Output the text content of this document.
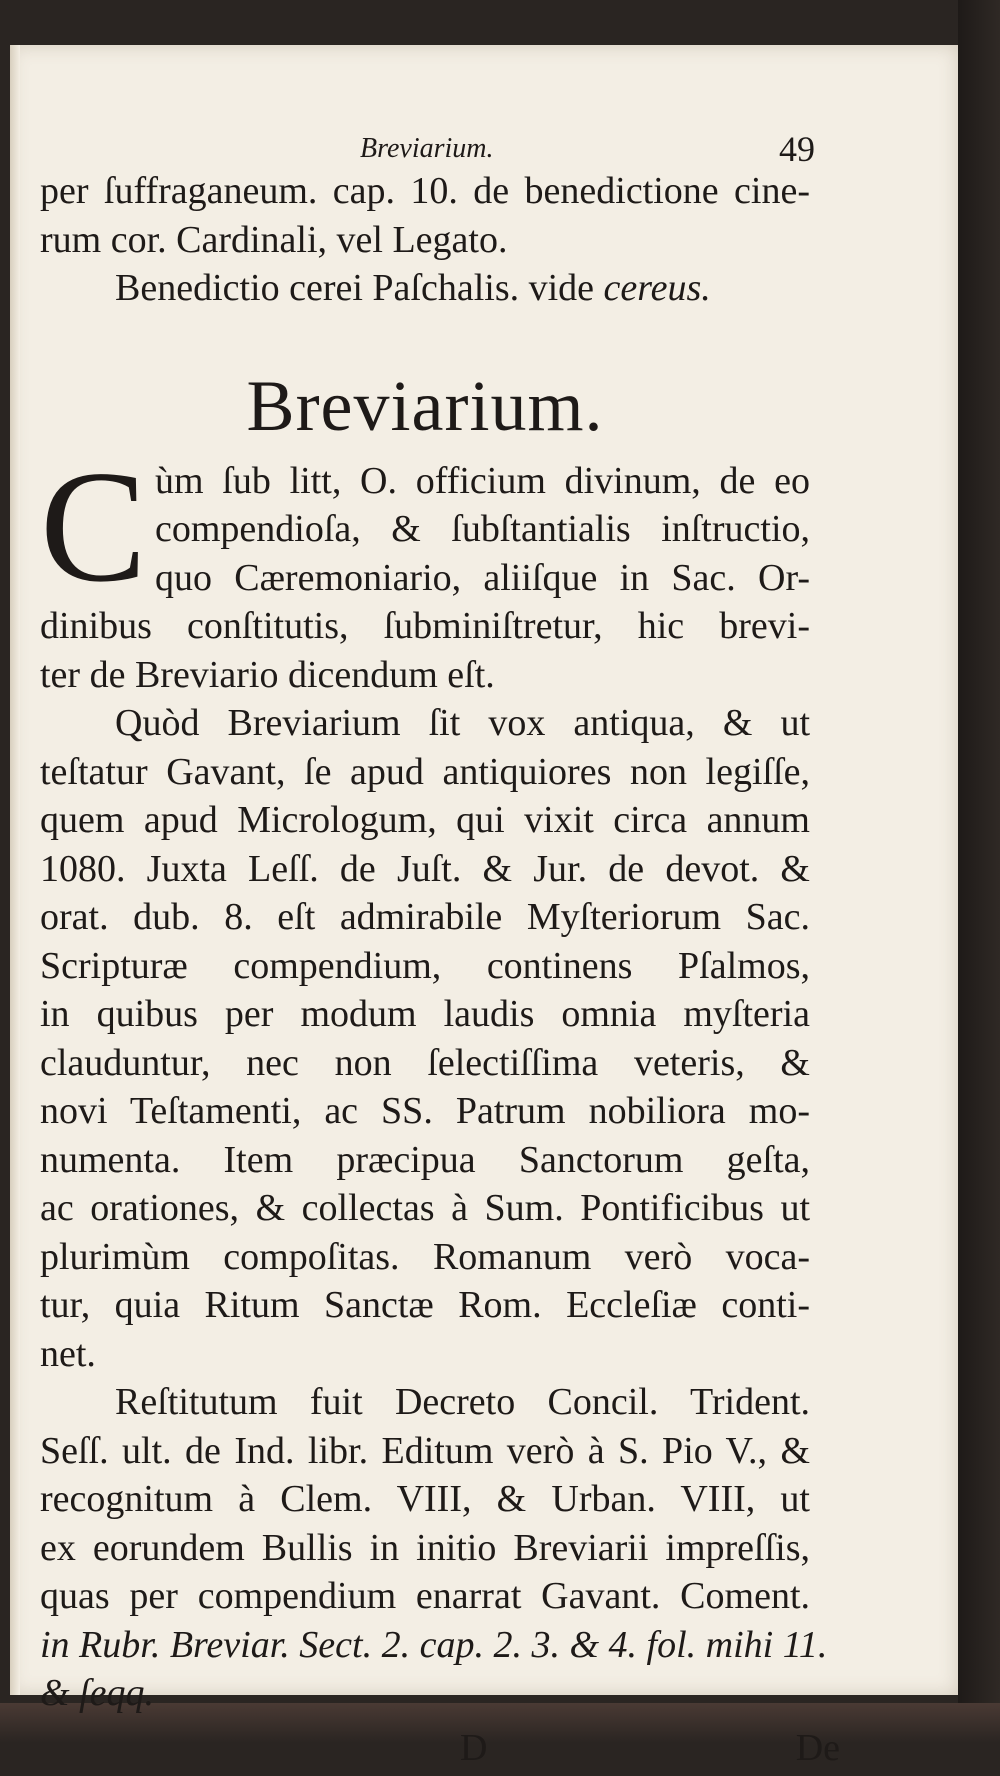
Breviarium.	49
per ſuffraganeum. cap. 10. de benedictione cine-
rum cor. Cardinali, vel Legato.
Benedictio cerei Paſchalis. vide cereus.
Breviarium.
C ùm ſub litt, O. officium divinum, de eo
compendioſa, & ſubſtantialis inſtructio,
quo Cæremoniario, aliiſque in Sac. Or-
dinibus conſtitutis, ſubminiſtretur, hic brevi-
ter de Breviario dicendum eſt.
Quòd Breviarium ſit vox antiqua, & ut
teſtatur Gavant, ſe apud antiquiores non legiſſe,
quem apud Micrologum, qui vixit circa annum
1080. Juxta Leſſ. de Juſt. & Jur. de devot. &
orat. dub. 8. eſt admirabile Myſteriorum Sac.
Scripturæ compendium, continens Pſalmos,
in quibus per modum laudis omnia myſteria
clauduntur, nec non ſelectiſſima veteris, &
novi Teſtamenti, ac SS. Patrum nobiliora mo-
numenta. Item præcipua Sanctorum geſta,
ac orationes, & collectas à Sum. Pontificibus ut
plurimùm compoſitas. Romanum verò voca-
tur, quia Ritum Sanctæ Rom. Eccleſiæ conti-
net.
Reſtitutum fuit Decreto Concil. Trident.
Seſſ. ult. de Ind. libr. Editum verò à S. Pio V., &
recognitum à Clem. VIII, & Urban. VIII, ut
ex eorundem Bullis in initio Breviarii impreſſis,
quas per compendium enarrat Gavant. Coment.
in Rubr. Breviar. Sect. 2. cap. 2. 3. & 4. fol. mihi 11.
& ſeqq.
D	De
